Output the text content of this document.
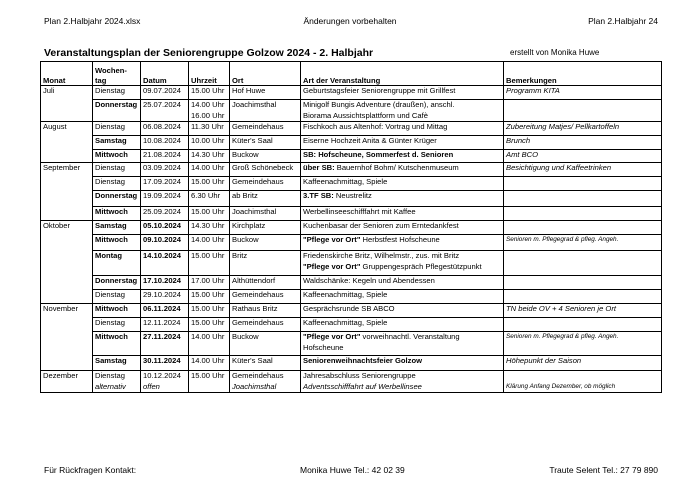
Plan 2.Halbjahr 2024.xlsx	Änderungen vorbehalten	Plan 2.Halbjahr 24
Veranstaltungsplan der Seniorengruppe Golzow 2024 - 2. Halbjahr	erstellt von Monika Huwe
Monat	Wochen-tag	Datum	Uhrzeit	Ort	Art der Veranstaltung	Bemerkungen
Juli	Dienstag	09.07.2024	15.00 Uhr	Hof Huwe	Geburtstagsfeier Seniorengruppe mit Grillfest	Programm KITA
	Donnerstag	25.07.2024	14.00 Uhr	Joachimsthal	Minigolf Bungis Adventure (draußen), anschl.	
			16.00 Uhr		Biorama Aussichtsplattform und Cafè	
August	Dienstag	06.08.2024	11.30 Uhr	Gemeindehaus	Fischkoch aus Altenhof: Vortrag und Mittag	Zubereitung Matjes/ Pellkartoffeln
	Samstag	10.08.2024	10.00 Uhr	Küter's Saal	Eiserne Hochzeit Anita & Günter Krüger	Brunch
	Mittwoch	21.08.2024	14.30 Uhr	Buckow	SB: Hofscheune, Sommerfest d. Senioren	Amt BCO
September	Dienstag	03.09.2024	14.00 Uhr	Groß Schönebeck	über SB: Bauernhof Bohm/ Kutschenmuseum	Besichtigung und Kaffeetrinken
	Dienstag	17.09.2024	15.00 Uhr	Gemeindehaus	Kaffeenachmittag, Spiele	
	Donnerstag	19.09.2024	6.30 Uhr	ab Britz	3.TF SB: Neustrelitz	
	Mittwoch	25.09.2024	15.00 Uhr	Joachimsthal	Werbellinseeschifffahrt mit Kaffee	
Oktober	Samstag	05.10.2024	14.30 Uhr	Kirchplatz	Kuchenbasar der Senioren zum Erntedankfest	
	Mittwoch	09.10.2024	14.00 Uhr	Buckow	"Pflege vor Ort" Herbstfest Hofscheune	Senioren m. Pflegegrad & pfleg. Angeh.
	Montag	14.10.2024	15.00 Uhr	Britz	Friedenskirche Britz, Wilhelmstr., zus. mit Britz
"Pflege vor Ort" Gruppengespräch Pflegestützpunkt	
	Donnerstag	17.10.2024	17.00 Uhr	Althüttendorf	Waldschänke: Kegeln und Abendessen	
	Dienstag	29.10.2024	15.00 Uhr	Gemeindehaus	Kaffeenachmittag, Spiele	
November	Mittwoch	06.11.2024	15.00 Uhr	Rathaus Britz	Gesprächsrunde SB ABCO	TN beide OV + 4 Senioren je Ort
	Dienstag	12.11.2024	15.00 Uhr	Gemeindehaus	Kaffeenachmittag, Spiele	
	Mittwoch	27.11.2024	14.00 Uhr	Buckow	"Pflege vor Ort" vorweihnachtl. Veranstaltung
Hofscheune	Senioren m. Pflegegrad & pfleg. Angeh.
	Samstag	30.11.2024	14.00 Uhr	Küter's Saal	Seniorenweihnachtsfeier Golzow	Höhepunkt der Saison
Dezember	Dienstag	10.12.2024	15.00 Uhr	Gemeindehaus	Jahresabschluss Seniorengruppe	
	alternativ	offen		Joachimsthal	Adventsschifffahrt auf Werbellinsee	Klärung Anfang Dezember, ob möglich
Für Rückfragen Kontakt:	Monika Huwe Tel.: 42 02 39	Traute Selent Tel.: 27 79 890
